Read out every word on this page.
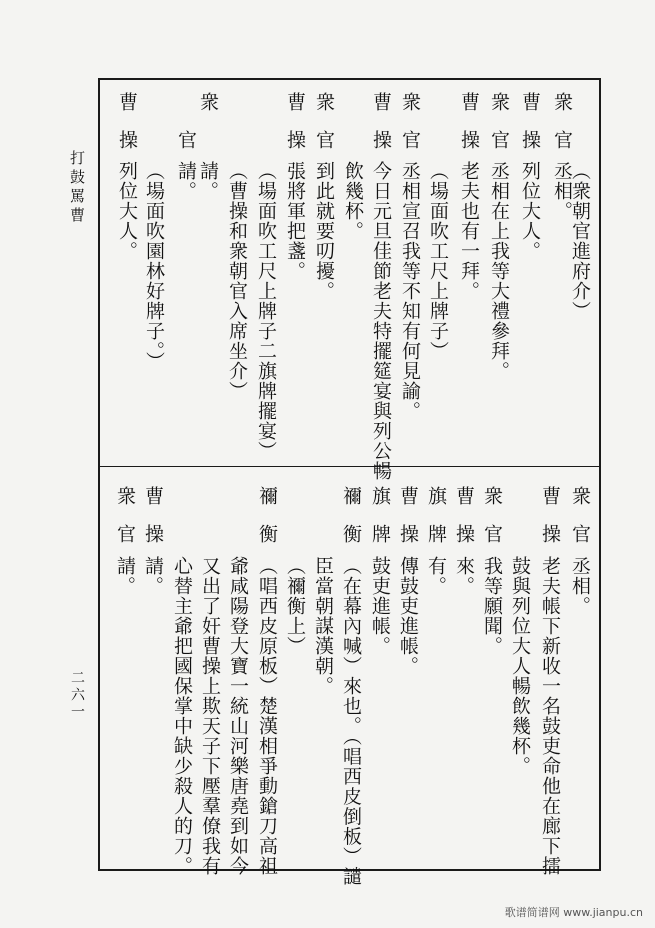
打鼓罵曹
二六一
衆
官
（衆朝官進府介）
丞相。
曹
操
列位大人。
衆
官
丞相在上我等大禮參拜。
曹
操
老夫也有一拜。
（場面吹工尺上牌子）
衆
官
丞相宣召我等不知有何見諭。
曹
操
今日元旦佳節老夫特擺筵宴與列公暢
飲幾杯。
衆
官
到此就要叨擾。
曹
操
張將軍把盞。
（場面吹工尺上牌子二旗牌擺宴）
（曹操和衆朝官入席坐介）
衆
官
請。
曹
操
請。
列位大人。 （場面吹園林好牌子。）
衆
官
丞相。
曹
操
老夫帳下新收一名鼓吏命他在廊下擂
鼓與列位大人暢飲幾杯。
衆
官
我等願聞。
曹
操
來。
旗
牌
有。
曹
操
傳鼓吏進帳。
旗
牌
鼓吏進帳。
禰
衡
（在幕內喊）來也。（唱西皮倒板）譴
臣當朝謀漢朝。
（禰衡上）
禰
衡
（唱西皮原板）楚漢相爭動鎗刀高祖
爺咸陽登大寶一統山河樂唐堯到如今
又出了奸曹操上欺天子下壓羣僚我有
心替主爺把國保掌中缺少殺人的刀。
曹
操
請。
衆
官
請。
歌谱简谱网 www.jianpu.cn
